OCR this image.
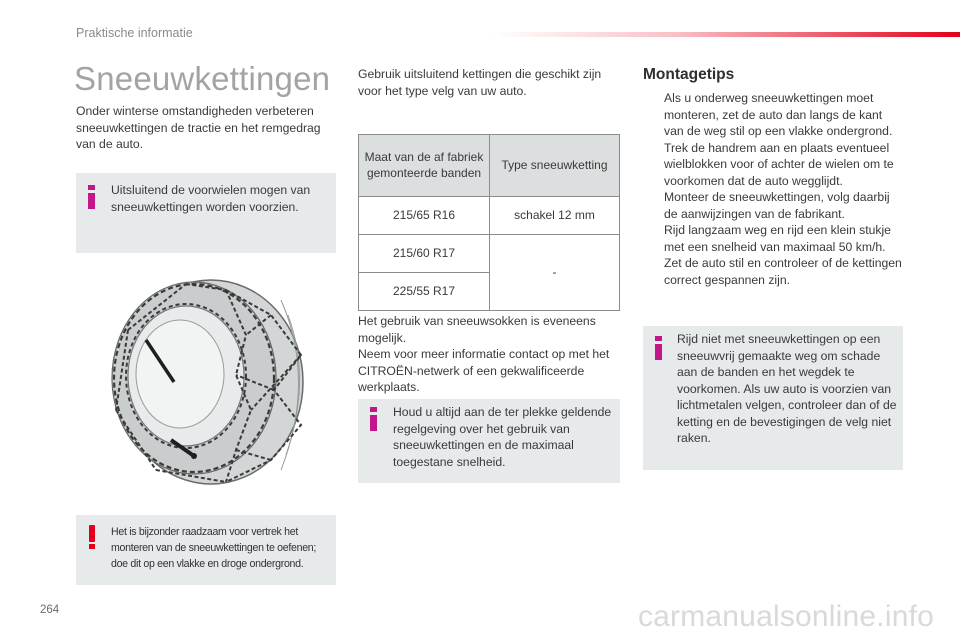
Praktische informatie
Sneeuwkettingen

Onder winterse omstandigheden verbeteren sneeuwkettingen de tractie en het remgedrag van de auto.

Uitsluitend de voorwielen mogen van sneeuwkettingen worden voorzien.

Het is bijzonder raadzaam voor vertrek het monteren van de sneeuwkettingen te oefenen; doe dit op een vlakke en droge ondergrond.

Gebruik uitsluitend kettingen die geschikt zijn voor het type velg van uw auto.

Maat van de af fabriek gemonteerde banden	Type sneeuwketting
215/65 R16	schakel 12 mm
215/60 R17	-
225/55 R17	

Het gebruik van sneeuwsokken is eveneens mogelijk.

Neem voor meer informatie contact op met het CITROËN-netwerk of een gekwalificeerde werkplaats.

Houd u altijd aan de ter plekke geldende regelgeving over het gebruik van sneeuwkettingen en de maximaal toegestane snelheid.

Montagetips
Als u onderweg sneeuwkettingen moet monteren, zet de auto dan langs de kant van de weg stil op een vlakke ondergrond.
Trek de handrem aan en plaats eventueel wielblokken voor of achter de wielen om te voorkomen dat de auto wegglijdt.
Monteer de sneeuwkettingen, volg daarbij de aanwijzingen van de fabrikant.
Rijd langzaam weg en rijd een klein stukje met een snelheid van maximaal 50 km/h.
Zet de auto stil en controleer of de kettingen correct gespannen zijn.

Rijd niet met sneeuwkettingen op een sneeuwvrij gemaakte weg om schade aan de banden en het wegdek te voorkomen. Als uw auto is voorzien van lichtmetalen velgen, controleer dan of de ketting en de bevestigingen de velg niet raken.

264	carmanualsonline.info
